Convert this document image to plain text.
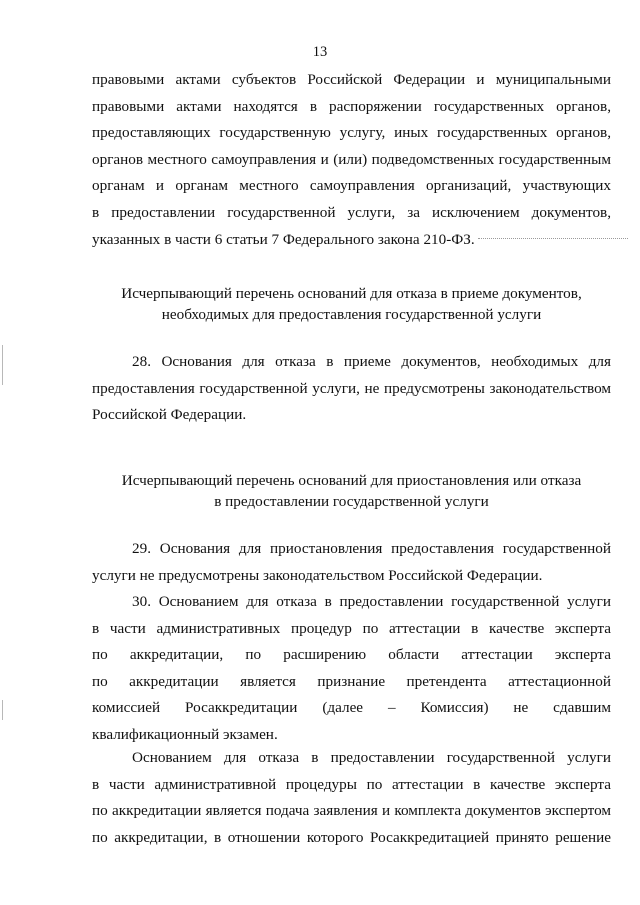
13
правовыми актами субъектов Российской Федерации и муниципальными
правовыми актами находятся в распоряжении государственных органов,
предоставляющих государственную услугу, иных государственных органов,
органов местного самоуправления и (или) подведомственных государственным
органам и органам местного самоуправления организаций, участвующих
в предоставлении государственной услуги, за исключением документов,
указанных в части 6 статьи 7 Федерального закона 210-ФЗ.
Исчерпывающий перечень оснований для отказа в приеме документов,
необходимых для предоставления государственной услуги
28. Основания для отказа в приеме документов, необходимых для
предоставления государственной услуги, не предусмотрены законодательством
Российской Федерации.
Исчерпывающий перечень оснований для приостановления или отказа
в предоставлении государственной услуги
29. Основания для приостановления предоставления государственной
услуги не предусмотрены законодательством Российской Федерации.
30. Основанием для отказа в предоставлении государственной услуги
в части административных процедур по аттестации в качестве эксперта
по аккредитации, по расширению области аттестации эксперта
по аккредитации является признание претендента аттестационной
комиссией Росаккредитации (далее – Комиссия) не сдавшим
квалификационный экзамен.
Основанием для отказа в предоставлении государственной услуги
в части административной процедуры по аттестации в качестве эксперта
по аккредитации является подача заявления и комплекта документов экспертом
по аккредитации, в отношении которого Росаккредитацией принято решение
